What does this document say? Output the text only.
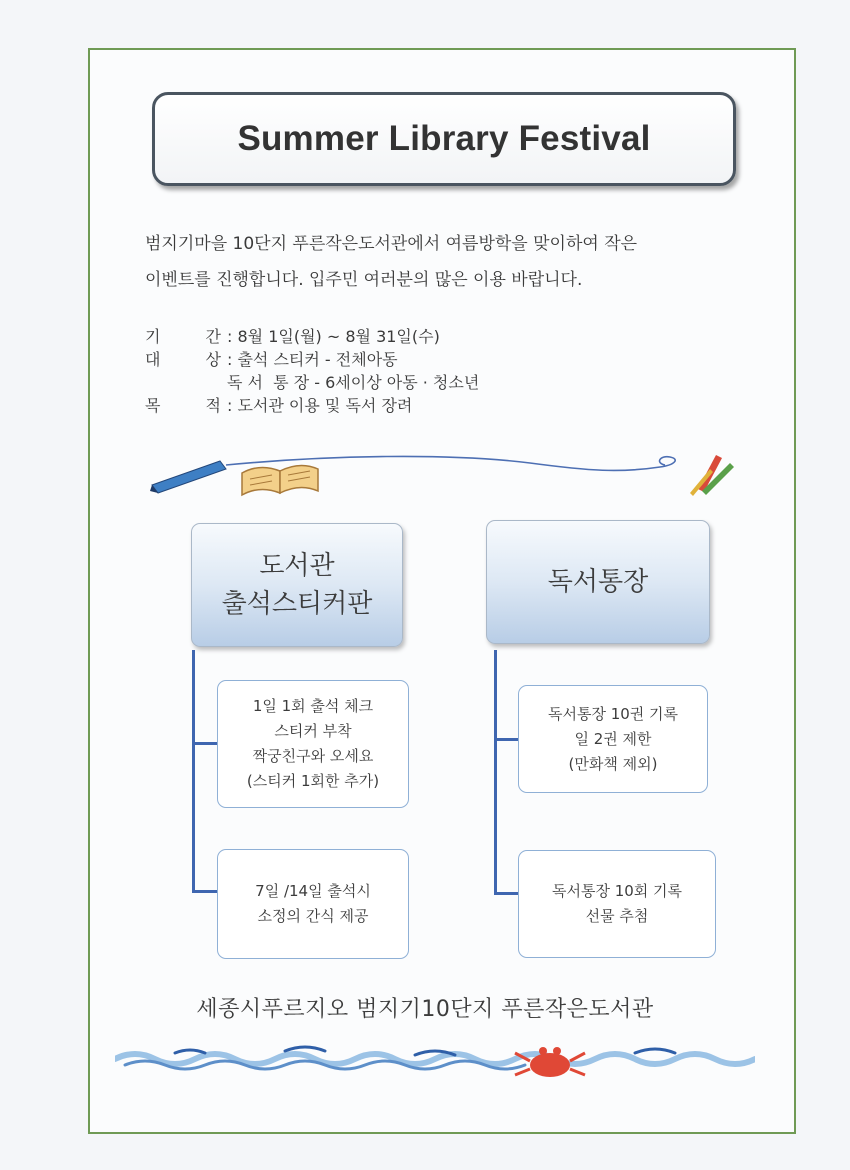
Summer Library Festival

범지기마을 10단지 푸른작은도서관에서 여름방학을 맞이하여 작은

이벤트를 진행합니다. 입주민 여러분의 많은 이용 바랍니다.

기	간 : 8월 1일(월) ~ 8월 31일(수)
대	상 : 출석 스티커 - 전체아동
독 서  통 장 - 6세이상 아동 · 청소년
목	적 : 도서관 이용 및 독서 장려
도서관
출석스티커판
1일 1회 출석 체크
스티커 부착
짝궁친구와 오세요
(스티커 1회한 추가)
7일 /14일 출석시
소정의 간식 제공
독서통장
독서통장 10권 기록
일 2권 제한
(만화책 제외)
독서통장 10회 기록
선물 추첨
세종시푸르지오 범지기10단지 푸른작은도서관
